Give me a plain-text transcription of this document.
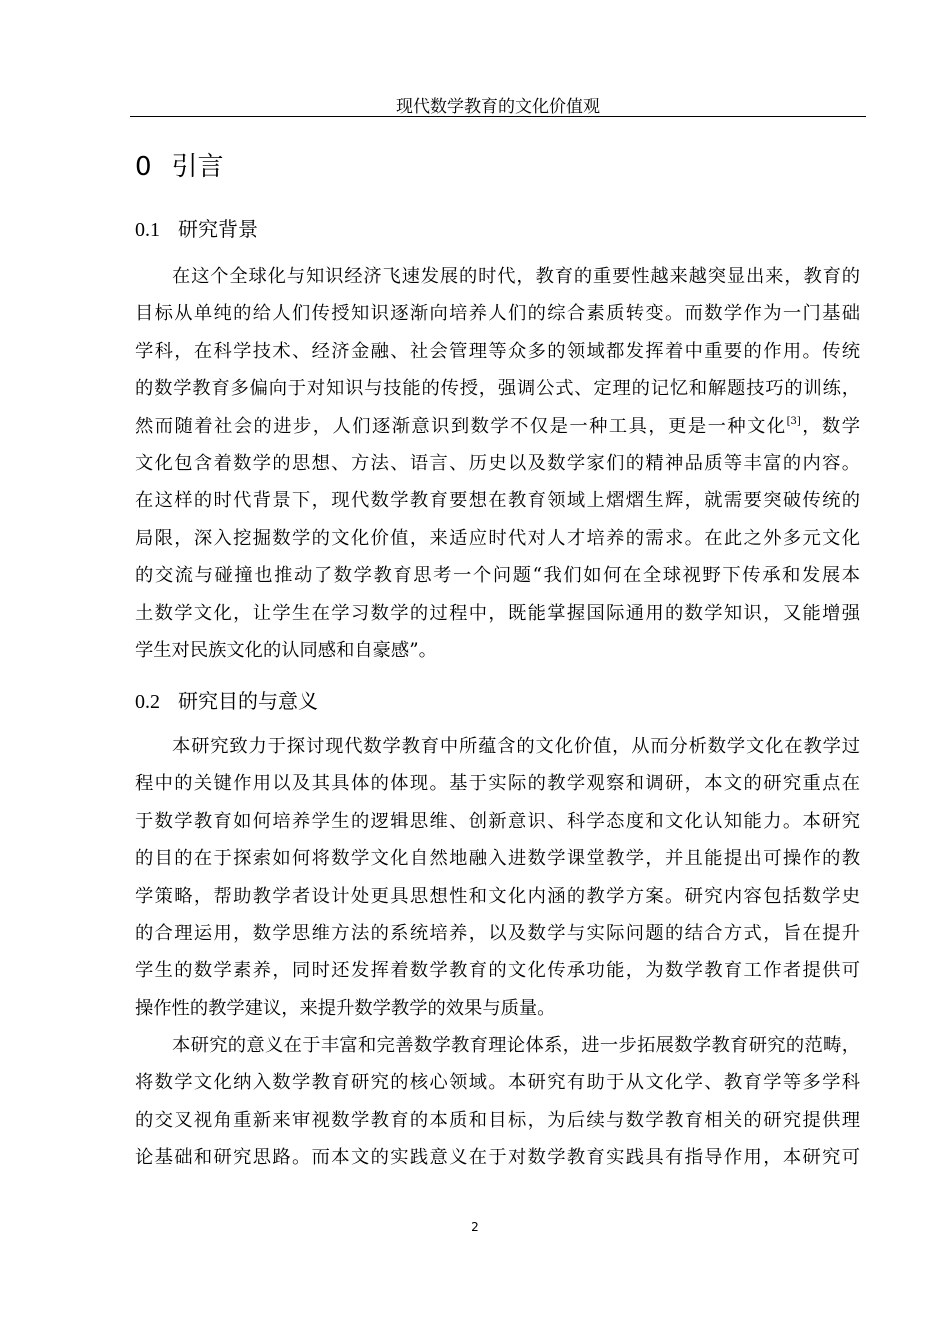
现代数学教育的文化价值观
0 引言
0.1 研究背景
在这个全球化与知识经济飞速发展的时代，教育的重要性越来越突显出来，教育的
目标从单纯的给人们传授知识逐渐向培养人们的综合素质转变。而数学作为一门基础
学科，在科学技术、经济金融、社会管理等众多的领域都发挥着中重要的作用。传统
的数学教育多偏向于对知识与技能的传授，强调公式、定理的记忆和解题技巧的训练，
然而随着社会的进步，人们逐渐意识到数学不仅是一种工具，更是一种文化[3]，数学
文化包含着数学的思想、方法、语言、历史以及数学家们的精神品质等丰富的内容。
在这样的时代背景下，现代数学教育要想在教育领域上熠熠生辉，就需要突破传统的
局限，深入挖掘数学的文化价值，来适应时代对人才培养的需求。在此之外多元文化
的交流与碰撞也推动了数学教育思考一个问题“我们如何在全球视野下传承和发展本
土数学文化，让学生在学习数学的过程中，既能掌握国际通用的数学知识，又能增强
学生对民族文化的认同感和自豪感”。
0.2 研究目的与意义
本研究致力于探讨现代数学教育中所蕴含的文化价值，从而分析数学文化在教学过
程中的关键作用以及其具体的体现。基于实际的教学观察和调研，本文的研究重点在
于数学教育如何培养学生的逻辑思维、创新意识、科学态度和文化认知能力。本研究
的目的在于探索如何将数学文化自然地融入进数学课堂教学，并且能提出可操作的教
学策略，帮助教学者设计处更具思想性和文化内涵的教学方案。研究内容包括数学史
的合理运用，数学思维方法的系统培养，以及数学与实际问题的结合方式，旨在提升
学生的数学素养，同时还发挥着数学教育的文化传承功能，为数学教育工作者提供可
操作性的教学建议，来提升数学教学的效果与质量。
本研究的意义在于丰富和完善数学教育理论体系，进一步拓展数学教育研究的范畴，
将数学文化纳入数学教育研究的核心领域。本研究有助于从文化学、教育学等多学科
的交叉视角重新来审视数学教育的本质和目标，为后续与数学教育相关的研究提供理
论基础和研究思路。而本文的实践意义在于对数学教育实践具有指导作用，本研究可
2
